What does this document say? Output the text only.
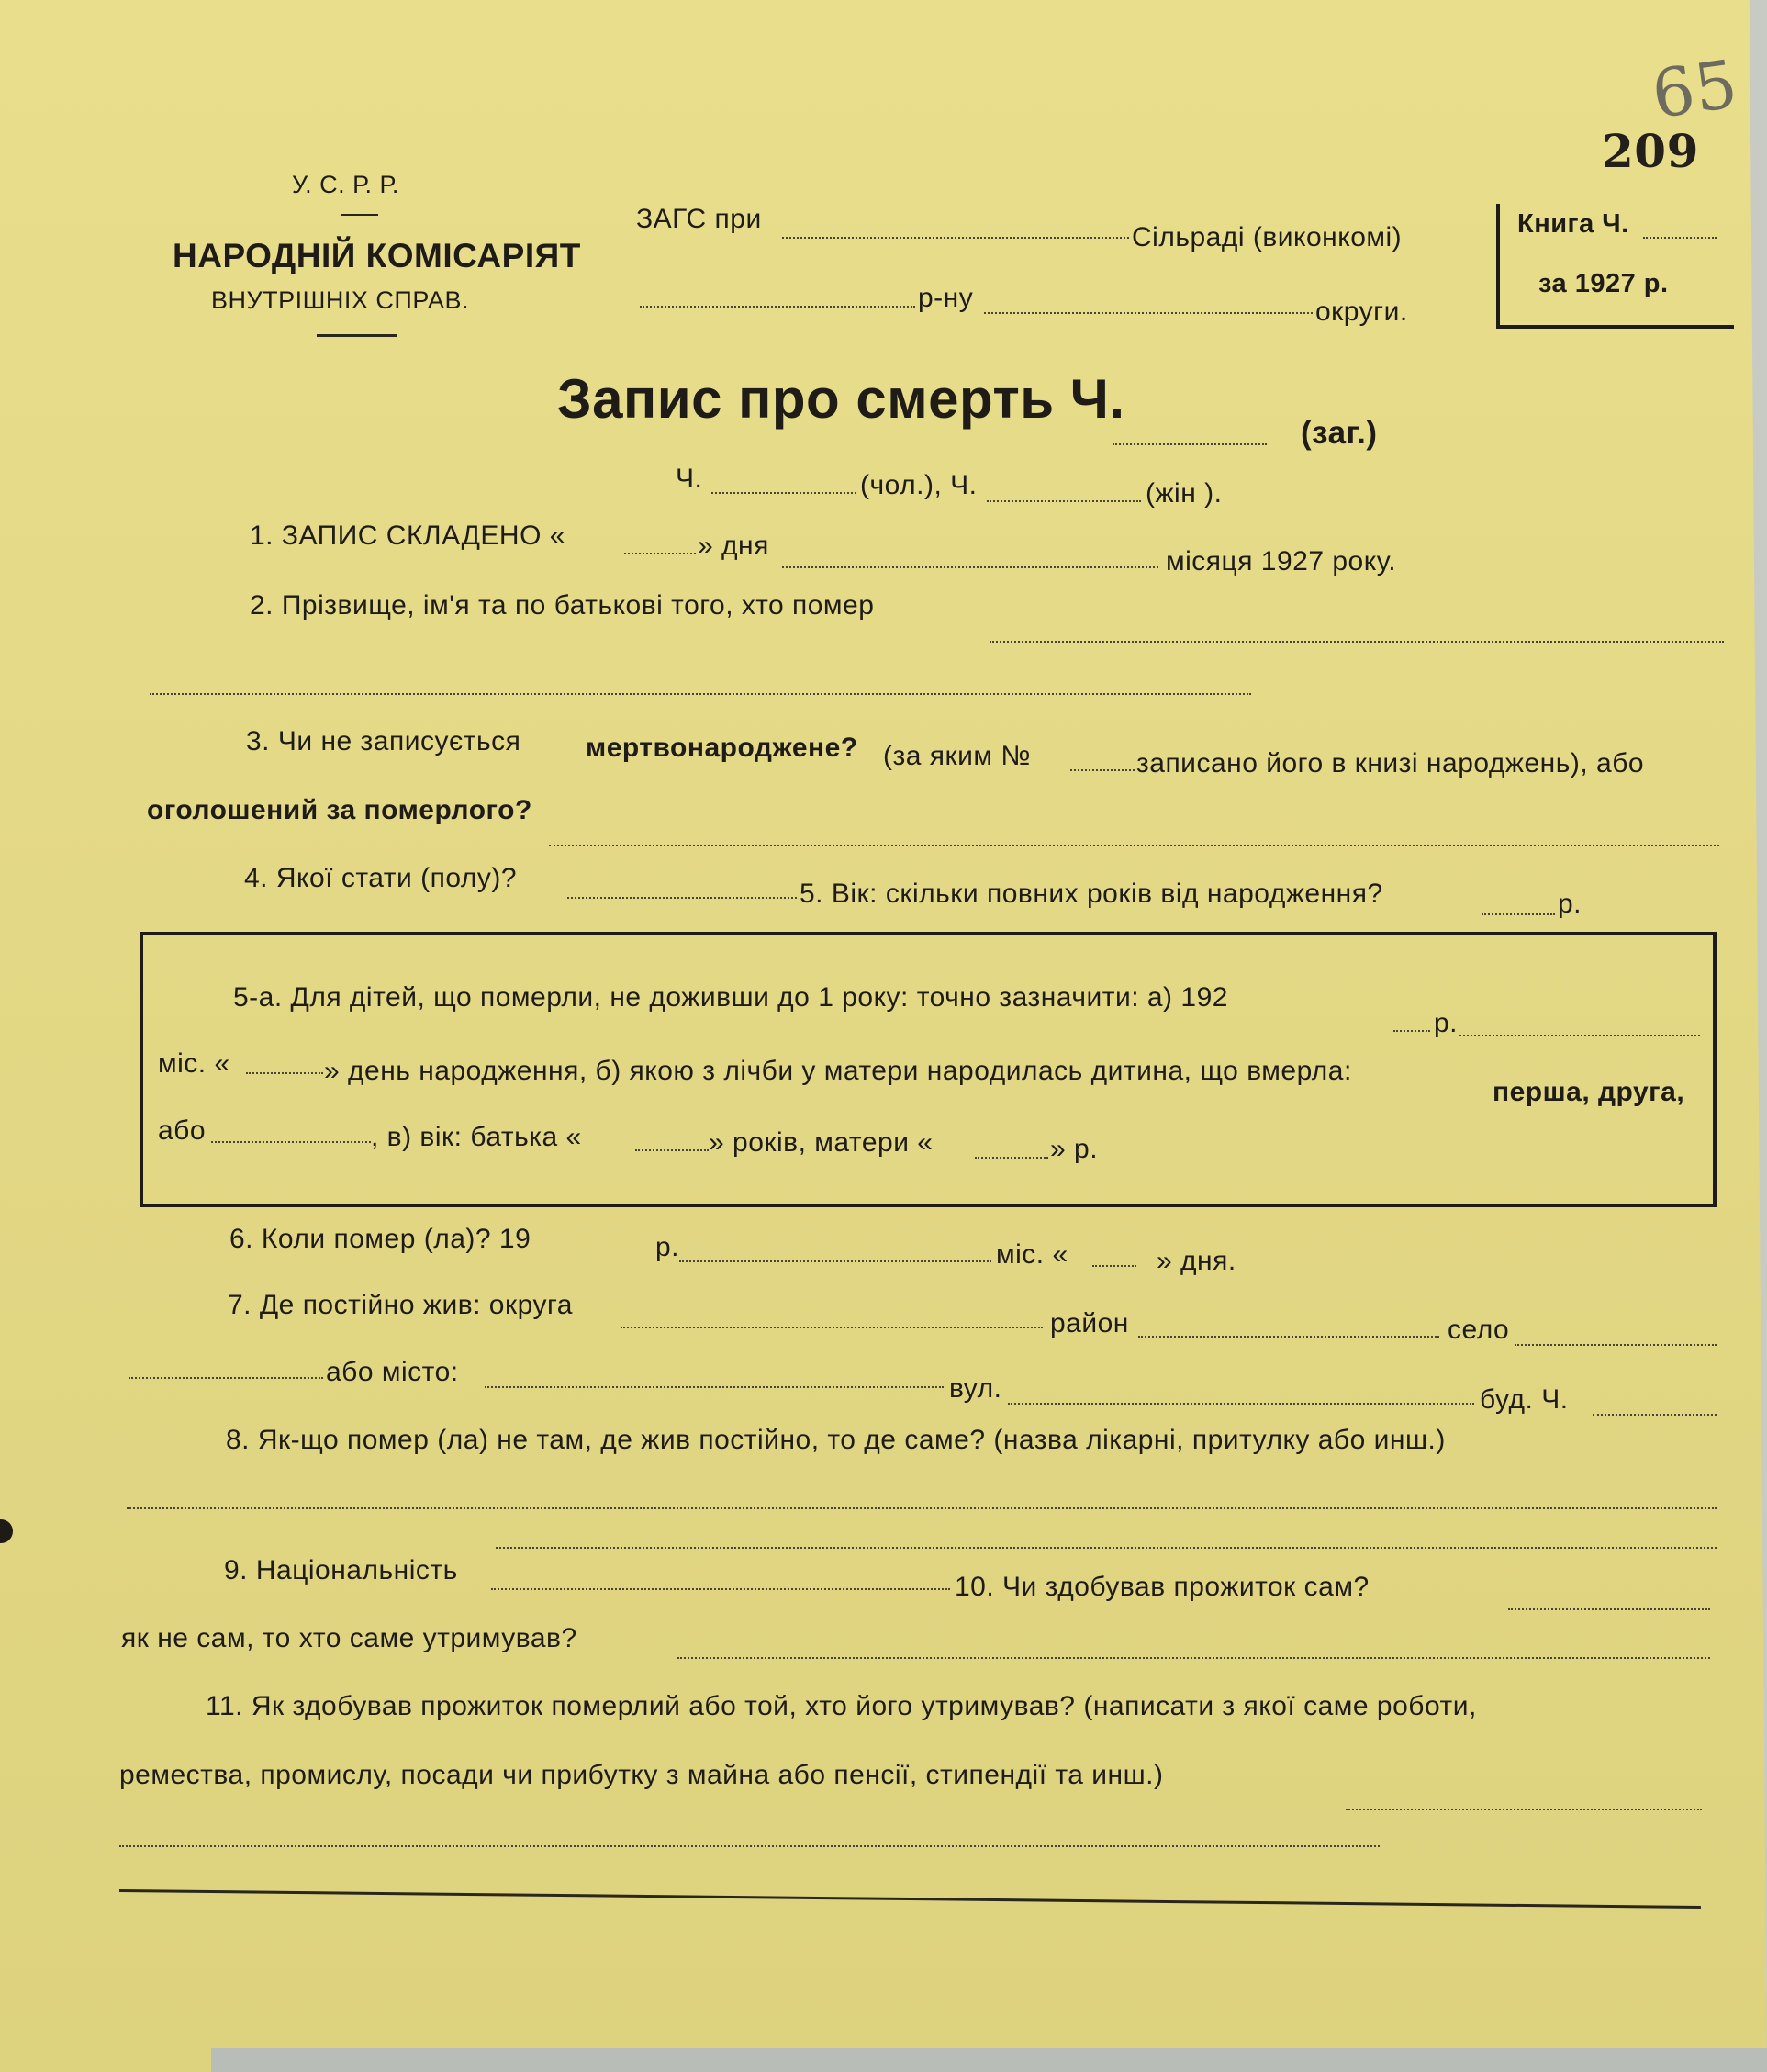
65
209
У. С. Р. Р.
НАРОДНІЙ КОМІСАРІЯТ
ВНУТРІШНІХ СПРАВ.
ЗАГС при
Сільраді (виконкомі)
р-ну	округи.
Книга Ч.
за 1927 р.
Запис про смерть Ч.
(заг.)
Ч.	(чол.), Ч.	(жін ).
1. ЗАПИС СКЛАДЕНО «	» дня
місяця 1927 року.
2. Прізвище, ім'я та по батькові того, хто помер
3. Чи не записується мертвонароджене? (за яким №	записано його в книзі народжень), або
оголошений за померлого?
4. Якої стати (полу)?
5. Вік: скільки повних років від народження?	р.
5-а. Для дітей, що померли, не доживши до 1 року: точно зазначити: а) 192
р.
міс. «	» день народження, б) якою з лічби у матери народилась дитина, що вмерла:
перша, друга,
або	, в) вік: батька «	» років, матери «	» р.
6. Коли помер (ла)? 19	р.	міс. «	» дня.
7. Де постійно жив: округа
район	село
або місто:
вул.	буд. Ч.
8. Як-що помер (ла) не там, де жив постійно, то де саме? (назва лікарні, притулку або инш.)
9. Національність
10. Чи здобував прожиток сам?
як не сам, то хто саме утримував?
11. Як здобував прожиток померлий або той, хто його утримував? (написати з якої саме роботи,
ремества, промислу, посади чи прибутку з майна або пенсії, стипендії та инш.)
